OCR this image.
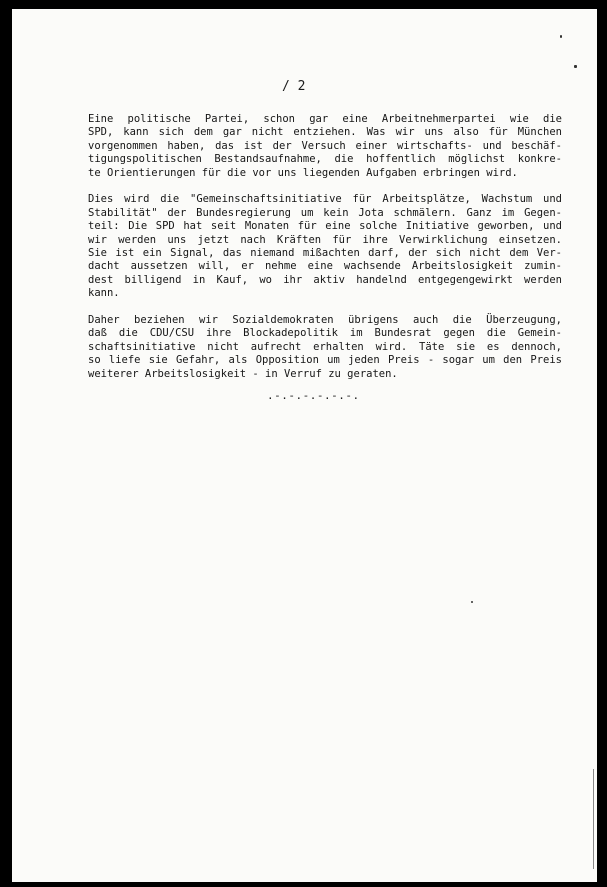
/ 2

Eine politische Partei, schon gar eine Arbeitnehmerpartei wie die
SPD, kann sich dem gar nicht entziehen. Was wir uns also für München
vorgenommen haben, das ist der Versuch einer wirtschafts- und beschäf-
tigungspolitischen Bestandsaufnahme, die hoffentlich möglichst konkre-
te Orientierungen für die vor uns liegenden Aufgaben erbringen wird.

Dies wird die "Gemeinschaftsinitiative für Arbeitsplätze, Wachstum und
Stabilität" der Bundesregierung um kein Jota schmälern. Ganz im Gegen-
teil: Die SPD hat seit Monaten für eine solche Initiative geworben, und
wir werden uns jetzt nach Kräften für ihre Verwirklichung einsetzen.
Sie ist ein Signal, das niemand mißachten darf, der sich nicht dem Ver-
dacht aussetzen will, er nehme eine wachsende Arbeitslosigkeit zumin-
dest billigend in Kauf, wo ihr aktiv handelnd entgegengewirkt werden
kann.

Daher beziehen wir Sozialdemokraten übrigens auch die Überzeugung,
daß die CDU/CSU ihre Blockadepolitik im Bundesrat gegen die Gemein-
schaftsinitiative nicht aufrecht erhalten wird. Täte sie es dennoch,
so liefe sie Gefahr, als Opposition um jeden Preis - sogar um den Preis
weiterer Arbeitslosigkeit - in Verruf zu geraten.

.-.-.-.-.-.-.
